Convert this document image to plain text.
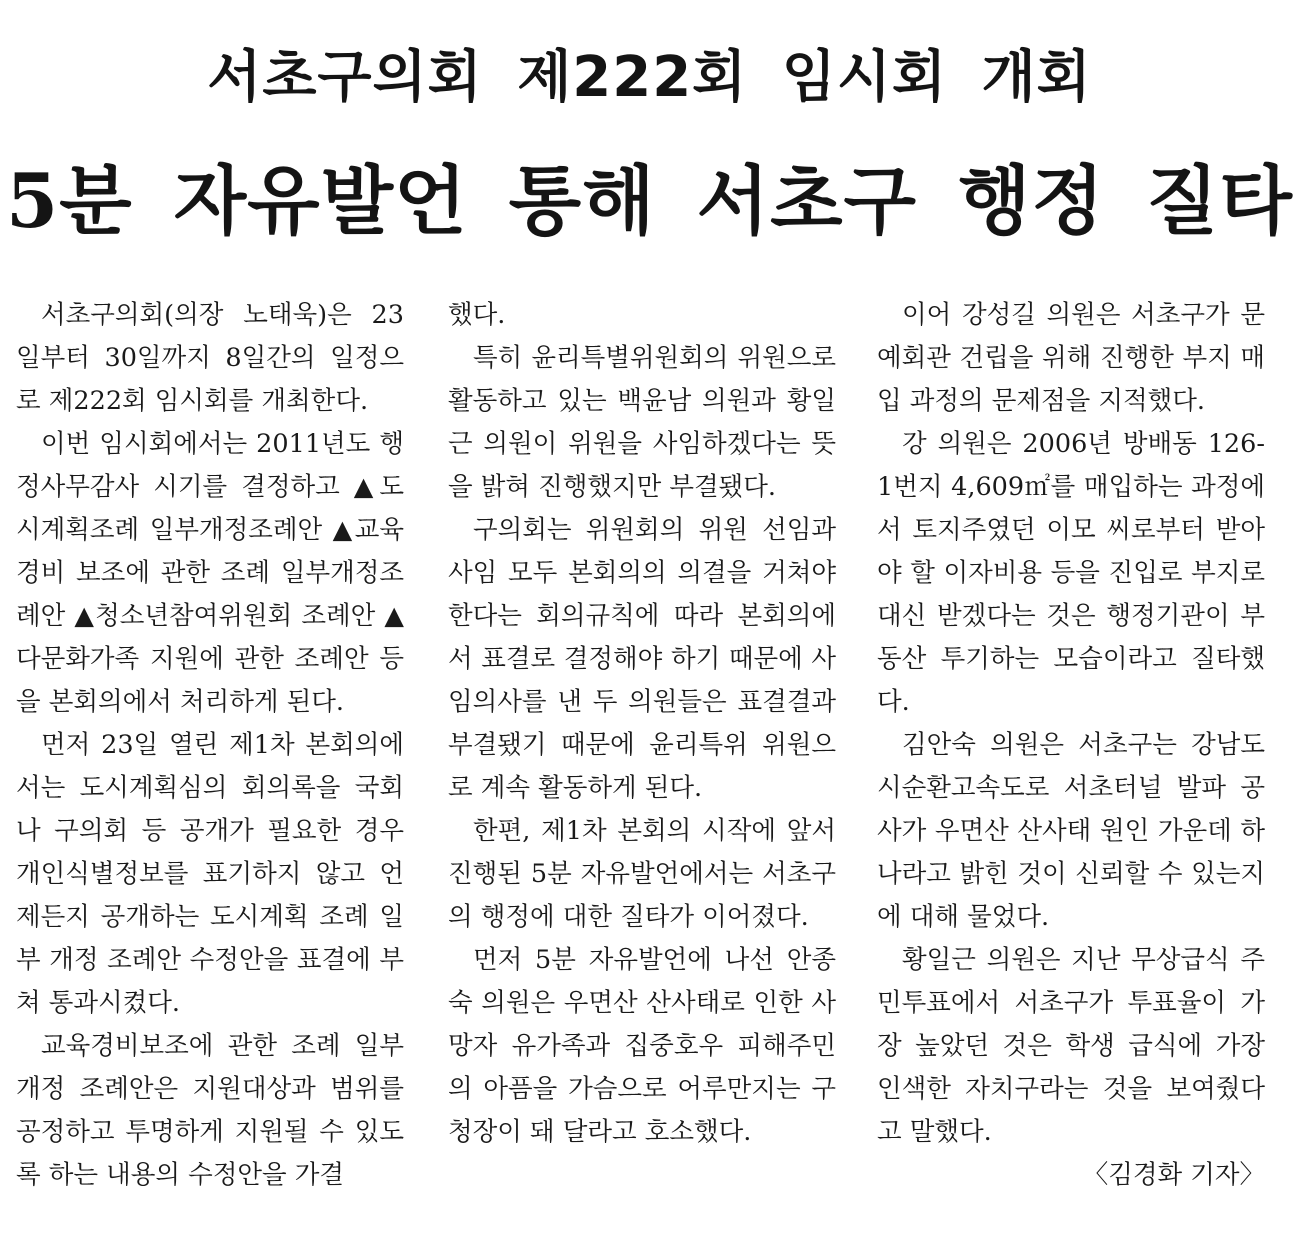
서초구의회 제222회 임시회 개회
5분 자유발언 통해 서초구 행정 질타

서초구의회(의장 노태욱)은 23일부터 30일까지 8일간의 일정으로 제222회 임시회를 개최한다.

이번 임시회에서는 2011년도 행정사무감사 시기를 결정하고 ▲도시계획조례 일부개정조례안 ▲교육경비 보조에 관한 조례 일부개정조례안 ▲청소년참여위원회 조례안 ▲다문화가족 지원에 관한 조례안 등을 본회의에서 처리하게 된다.

먼저 23일 열린 제1차 본회의에서는 도시계획심의 회의록을 국회나 구의회 등 공개가 필요한 경우 개인식별정보를 표기하지 않고 언제든지 공개하는 도시계획 조례 일부 개정 조례안 수정안을 표결에 부쳐 통과시켰다.

교육경비보조에 관한 조례 일부개정 조례안은 지원대상과 범위를 공정하고 투명하게 지원될 수 있도록 하는 내용의 수정안을 가결

했다.

특히 윤리특별위원회의 위원으로 활동하고 있는 백윤남 의원과 황일근 의원이 위원을 사임하겠다는 뜻을 밝혀 진행했지만 부결됐다.

구의회는 위원회의 위원 선임과 사임 모두 본회의의 의결을 거쳐야 한다는 회의규칙에 따라 본회의에서 표결로 결정해야 하기 때문에 사임의사를 낸 두 의원들은 표결결과 부결됐기 때문에 윤리특위 위원으로 계속 활동하게 된다.

한편, 제1차 본회의 시작에 앞서 진행된 5분 자유발언에서는 서초구의 행정에 대한 질타가 이어졌다.

먼저 5분 자유발언에 나선 안종숙 의원은 우면산 산사태로 인한 사망자 유가족과 집중호우 피해주민의 아픔을 가슴으로 어루만지는 구청장이 돼 달라고 호소했다.

이어 강성길 의원은 서초구가 문예회관 건립을 위해 진행한 부지 매입 과정의 문제점을 지적했다.

강 의원은 2006년 방배동 126-1번지 4,609㎡를 매입하는 과정에서 토지주였던 이모 씨로부터 받아야 할 이자비용 등을 진입로 부지로 대신 받겠다는 것은 행정기관이 부동산 투기하는 모습이라고 질타했다.

김안숙 의원은 서초구는 강남도시순환고속도로 서초터널 발파 공사가 우면산 산사태 원인 가운데 하나라고 밝힌 것이 신뢰할 수 있는지에 대해 물었다.

황일근 의원은 지난 무상급식 주민투표에서 서초구가 투표율이 가장 높았던 것은 학생 급식에 가장 인색한 자치구라는 것을 보여줬다고 말했다.

〈김경화 기자〉
